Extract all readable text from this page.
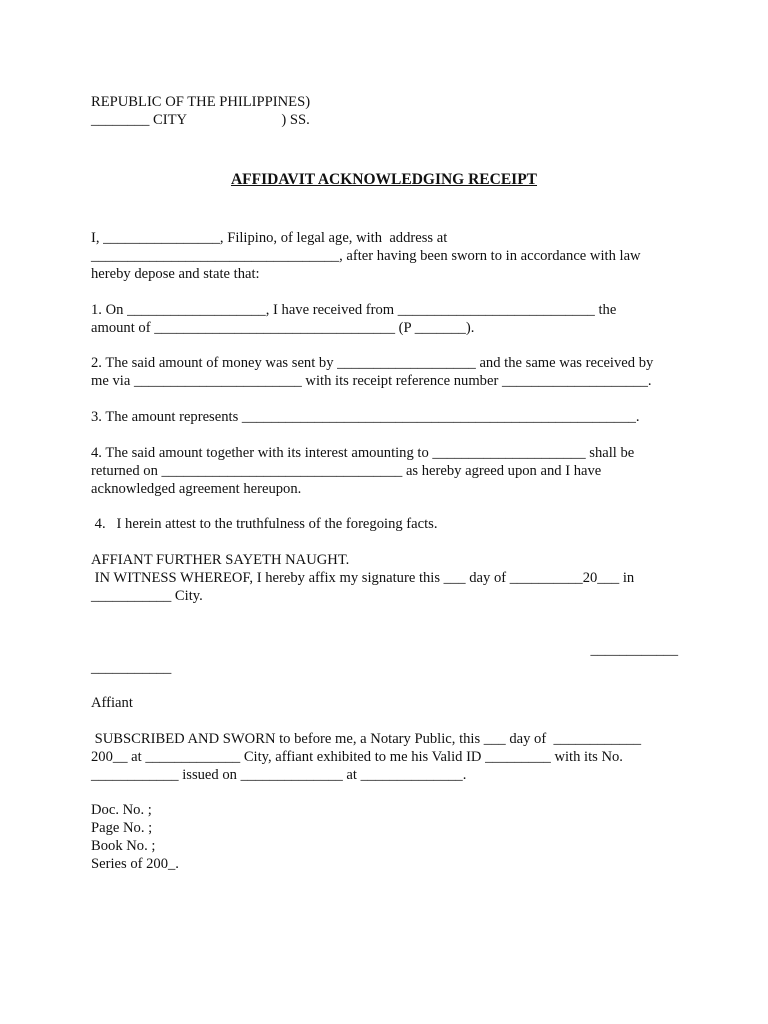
REPUBLIC OF THE PHILIPPINES)
________ CITY                          ) SS.
AFFIDAVIT ACKNOWLEDGING RECEIPT
I, ________________, Filipino, of legal age, with  address at
__________________________________, after having been sworn to in accordance with law
hereby depose and state that:
1. On ___________________, I have received from ___________________________ the
amount of _________________________________ (P _______).
2. The said amount of money was sent by ___________________ and the same was received by
me via _______________________ with its receipt reference number ____________________.
3. The amount represents ______________________________________________________.
4. The said amount together with its interest amounting to _____________________ shall be
returned on _________________________________ as hereby agreed upon and I have
acknowledged agreement hereupon.
4.   I herein attest to the truthfulness of the foregoing facts.
AFFIANT FURTHER SAYETH NAUGHT.
IN WITNESS WHEREOF, I hereby affix my signature this ___ day of __________20___ in
___________ City.
____________
___________
Affiant
SUBSCRIBED AND SWORN to before me, a Notary Public, this ___ day of  ____________
200__ at _____________ City, affiant exhibited to me his Valid ID _________ with its No.
____________ issued on ______________ at ______________.
Doc. No. ;
Page No. ;
Book No. ;
Series of 200_.
